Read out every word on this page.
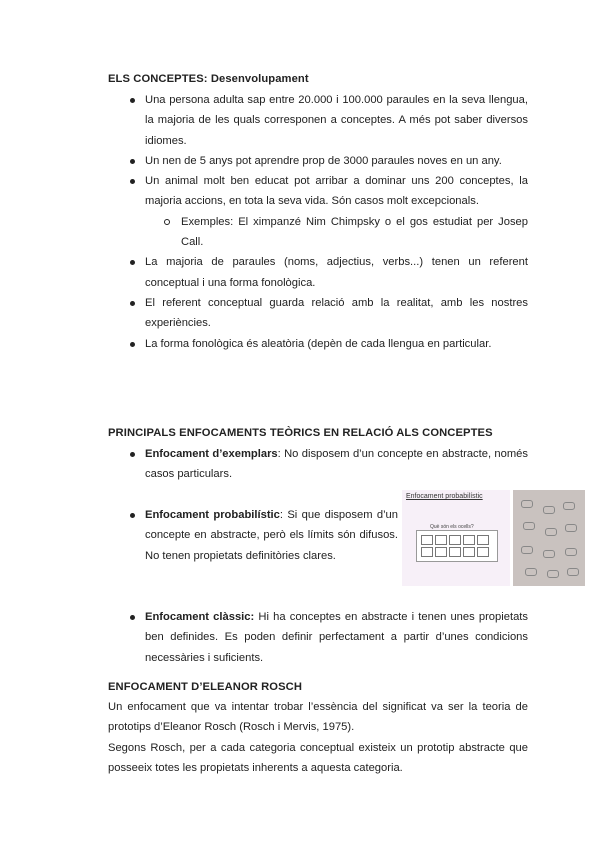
ELS CONCEPTES: Desenvolupament
Una persona adulta sap entre 20.000 i 100.000 paraules en la seva llengua, la majoria de les quals corresponen a conceptes. A més pot saber diversos idiomes.
Un nen de 5 anys pot aprendre prop de 3000 paraules noves en un any.
Un animal molt ben educat pot arribar a dominar uns 200 conceptes, la majoria accions, en tota la seva vida. Són casos molt excepcionals.
Exemples: El ximpanzé Nim Chimpsky o el gos estudiat per Josep Call.
La majoria de paraules (noms, adjectius, verbs...) tenen un referent conceptual i una forma fonològica.
El referent conceptual guarda relació amb la realitat, amb les nostres experiències.
La forma fonològica és aleatòria (depèn de cada llengua en particular.
PRINCIPALS ENFOCAMENTS TEÒRICS EN RELACIÓ ALS CONCEPTES
Enfocament d’exemplars: No disposem d’un concepte en abstracte, només casos particulars.
Enfocament probabilístic: Si que disposem d’un concepte en abstracte, però els límits són difusos. No tenen propietats definitòries clares.
Enfocament probabilístic
Què són els ocells?
Enfocament clàssic: Hi ha conceptes en abstracte i tenen unes propietats ben definides. Es poden definir perfectament a partir d’unes condicions necessàries i suficients.
ENFOCAMENT D’ELEANOR ROSCH

Un enfocament que va intentar trobar l’essència del significat va ser la teoria de prototips d’Eleanor Rosch (Rosch i Mervis, 1975).
Segons Rosch, per a cada categoria conceptual existeix un prototip abstracte que posseeix totes les propietats inherents a aquesta categoria.
